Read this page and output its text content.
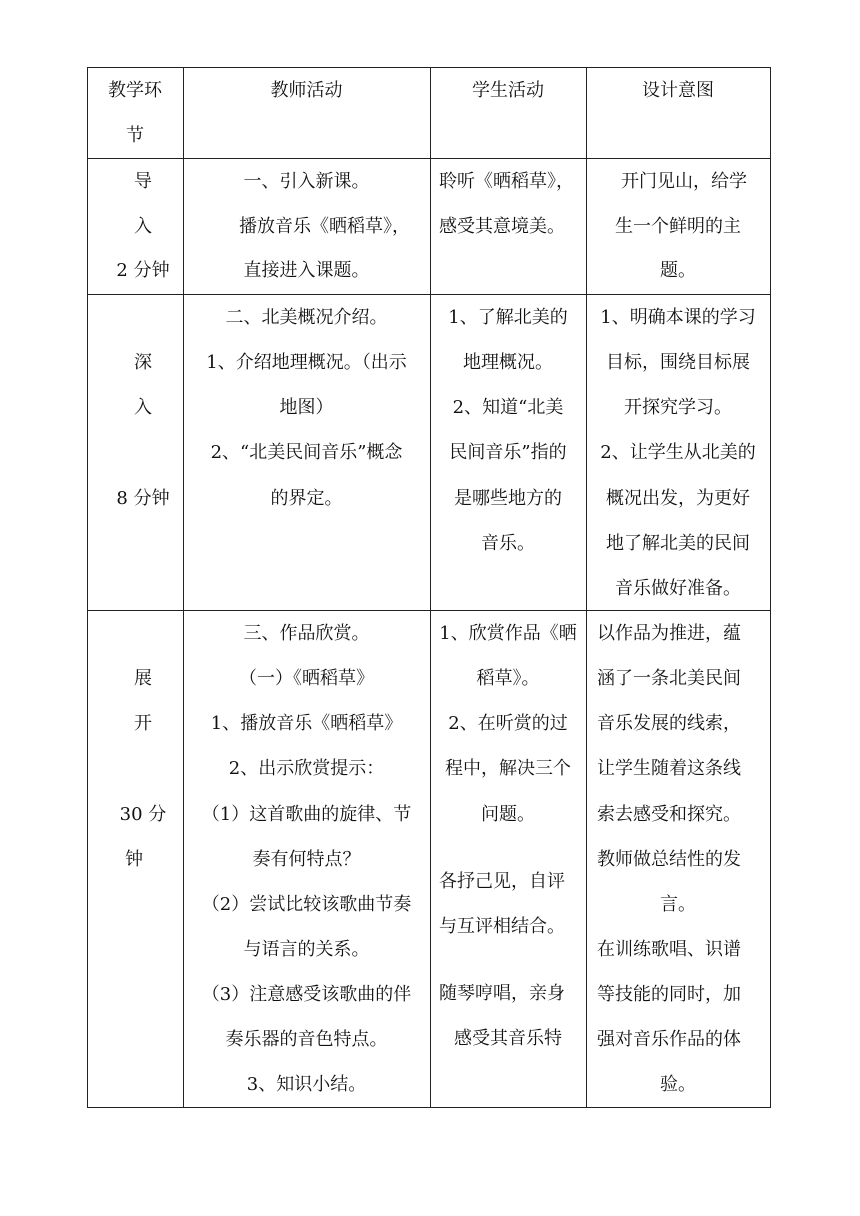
教学环
节
教师活动	学生活动	设计意图
导
入
2 分钟
一、引入新课。
播放音乐《晒稻草》，
直接进入课题。
聆听《晒稻草》，
感受其意境美。
开门见山，给学
生一个鲜明的主
题。
深
入
8 分钟
二、北美概况介绍。
1、介绍地理概况。（出示
地图）
2、“北美民间音乐”概念
的界定。
1、了解北美的
地理概况。
2、知道“北美
民间音乐”指的
是哪些地方的
音乐。
1、明确本课的学习
目标，围绕目标展
开探究学习。
2、让学生从北美的
概况出发，为更好
地了解北美的民间
音乐做好准备。
展
开
30 分
钟
三、作品欣赏。
（一）《晒稻草》
1、播放音乐《晒稻草》
2、出示欣赏提示：
（1）这首歌曲的旋律、节
奏有何特点？
（2）尝试比较该歌曲节奏
与语言的关系。
（3）注意感受该歌曲的伴
奏乐器的音色特点。
3、知识小结。
1、欣赏作品《晒
稻草》。
2、在听赏的过
程中，解决三个
问题。
各抒己见，自评
与互评相结合。
随琴哼唱，亲身
感受其音乐特
以作品为推进，蕴
涵了一条北美民间
音乐发展的线索，
让学生随着这条线
索去感受和探究。
教师做总结性的发
言。
在训练歌唱、识谱
等技能的同时，加
强对音乐作品的体
验。
